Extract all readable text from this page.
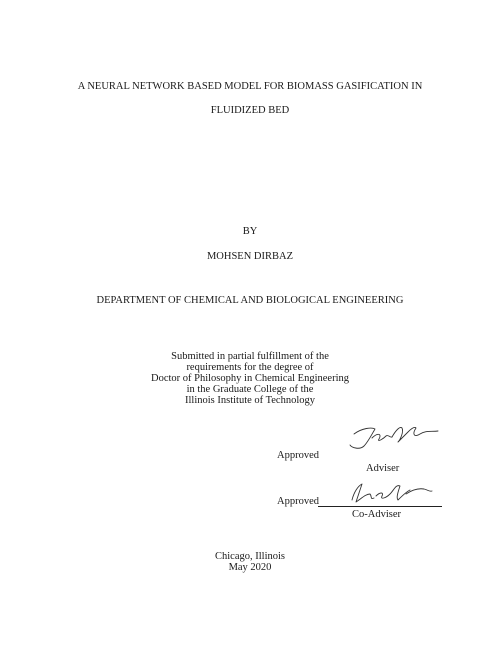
A NEURAL NETWORK BASED MODEL FOR BIOMASS GASIFICATION IN
FLUIDIZED BED
BY
MOHSEN DIRBAZ
DEPARTMENT OF CHEMICAL AND BIOLOGICAL ENGINEERING
Submitted in partial fulfillment of the
requirements for the degree of
Doctor of Philosophy in Chemical Engineering
in the Graduate College of the
Illinois Institute of Technology
Approved
Adviser
Approved
Co-Adviser
Chicago, Illinois
May 2020
